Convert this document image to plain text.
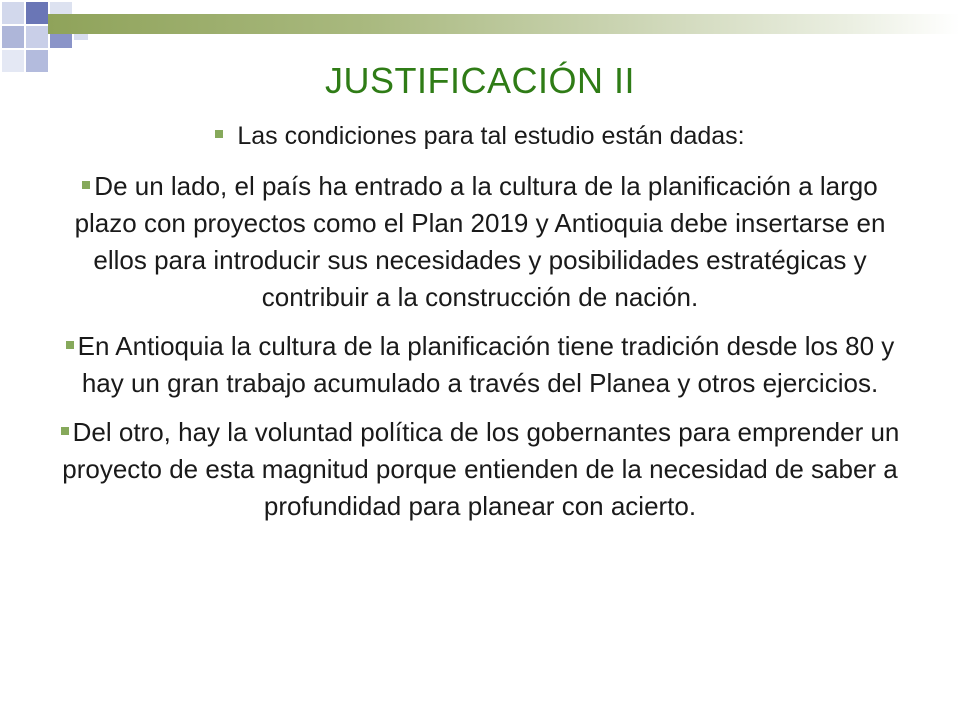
JUSTIFICACIÓN II

Las condiciones para tal estudio están dadas:

De un lado, el país ha entrado a la cultura de la planificación a largo plazo con proyectos como el Plan 2019 y Antioquia debe insertarse en ellos para introducir sus necesidades y posibilidades estratégicas y contribuir a la construcción de nación.

En Antioquia la cultura de la planificación tiene tradición desde los 80 y hay un gran trabajo acumulado a través del Planea y otros ejercicios.

Del otro, hay la voluntad política de los gobernantes para emprender un proyecto de esta magnitud porque entienden de la necesidad de saber a profundidad para planear con acierto.
